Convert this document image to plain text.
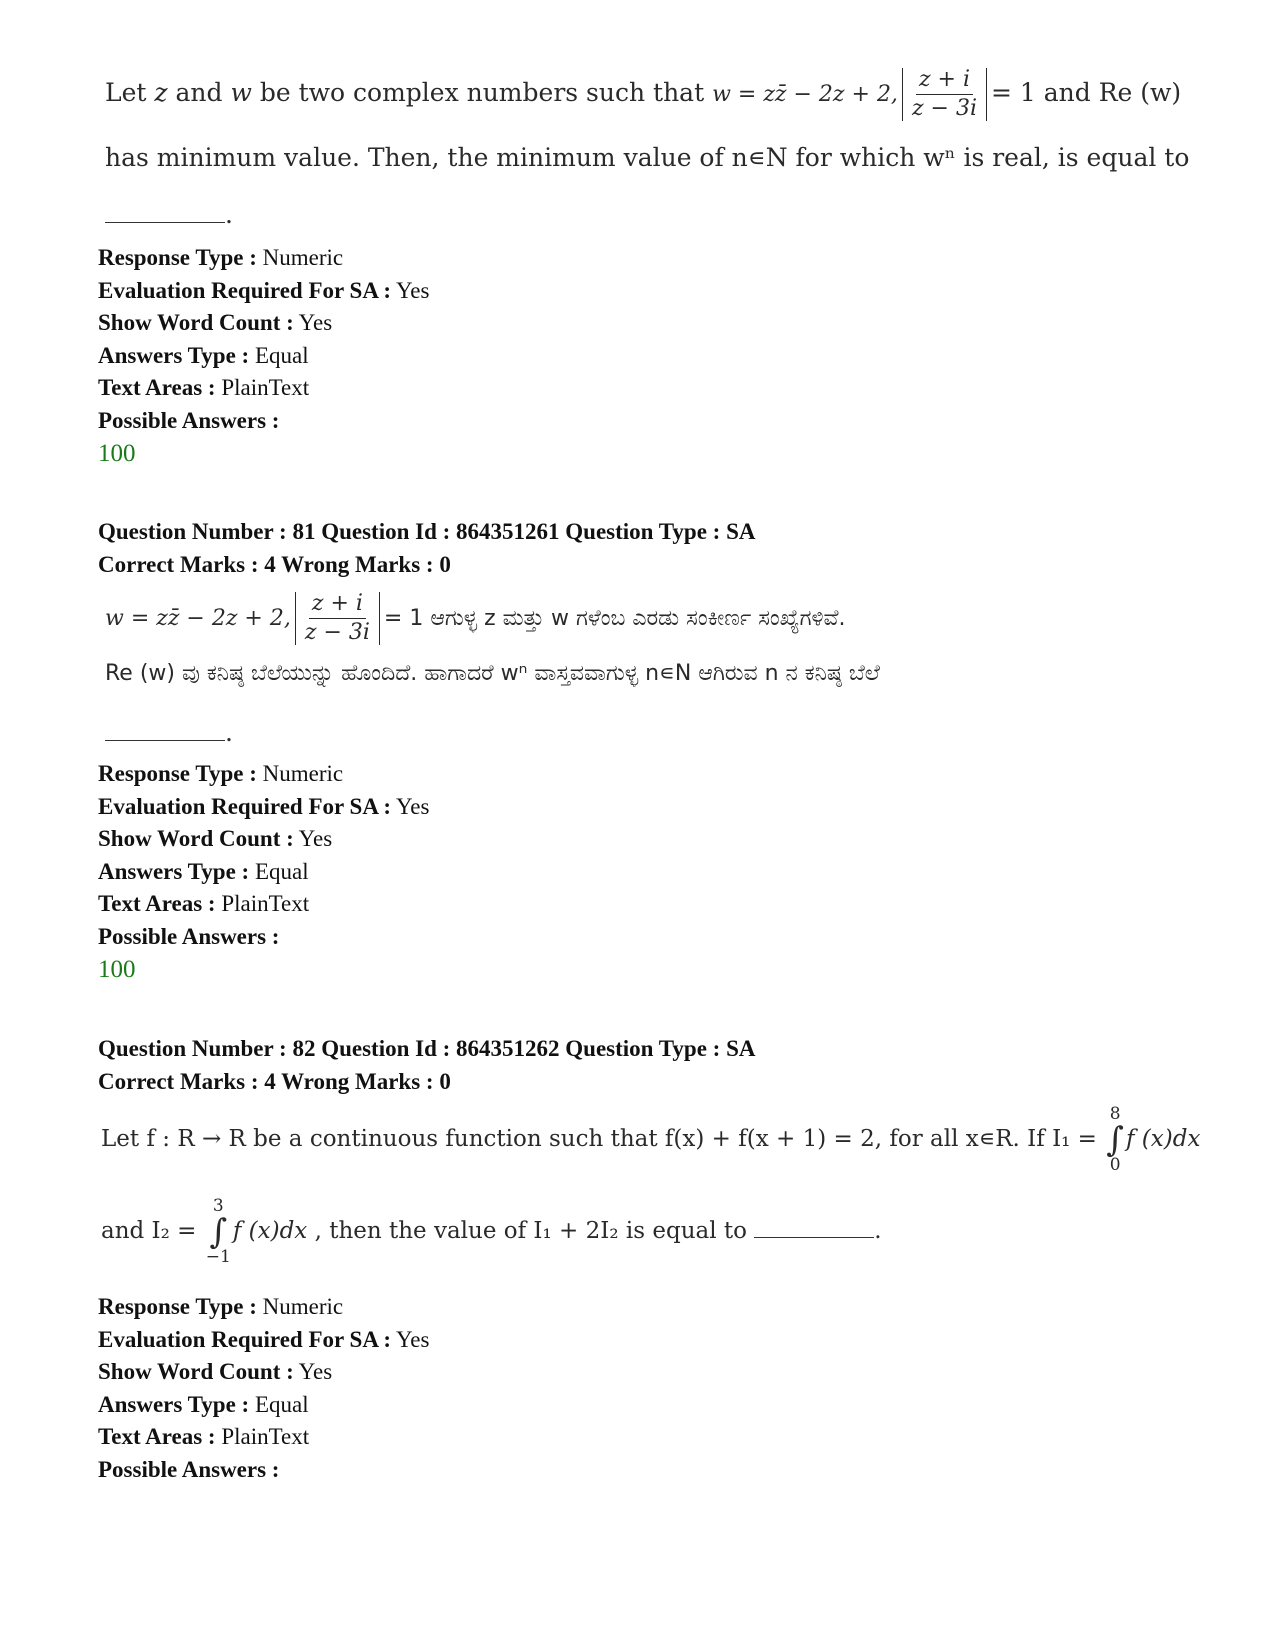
Let z and w be two complex numbers such that w = zz̄ − 2z + 2, $\frac{z + i}{z - 3i} = 1$ and Re (w)
has minimum value. Then, the minimum value of n∊N for which wⁿ is real, is equal to
.
Response Type : Numeric
Evaluation Required For SA : Yes
Show Word Count : Yes
Answers Type : Equal
Text Areas : PlainText
Possible Answers :
100
Question Number : 81 Question Id : 864351261 Question Type : SA
Correct Marks : 4 Wrong Marks : 0
w = zz̄ − 2z + 2, $\frac{z + i}{z - 3i} = 1$ ಆಗುಳ್ಳ z ಮತ್ತು w ಗಳೆಂಬ ಎರಡು ಸಂಕೀರ್ಣ ಸಂಖ್ಯೆಗಳಿವೆ.
Re (w) ವು ಕನಿಷ್ಠ ಬೆಲೆಯುನ್ನು ಹೊಂದಿದೆ. ಹಾಗಾದರೆ wⁿ ವಾಸ್ತವವಾಗುಳ್ಳ n∊N ಆಗಿರುವ n ನ ಕನಿಷ್ಠ ಬೆಲೆ
.
Response Type : Numeric
Evaluation Required For SA : Yes
Show Word Count : Yes
Answers Type : Equal
Text Areas : PlainText
Possible Answers :
100
Question Number : 82 Question Id : 864351262 Question Type : SA
Correct Marks : 4 Wrong Marks : 0
Let f : R → R be a continuous function such that f(x) + f(x + 1) = 2, for all x∊R. If I₁ =
8
∫
0
f (x)dx
and I₂ =
3
∫
−1
f (x)dx , then the value of I₁ + 2I₂ is equal to	.
Response Type : Numeric
Evaluation Required For SA : Yes
Show Word Count : Yes
Answers Type : Equal
Text Areas : PlainText
Possible Answers :
